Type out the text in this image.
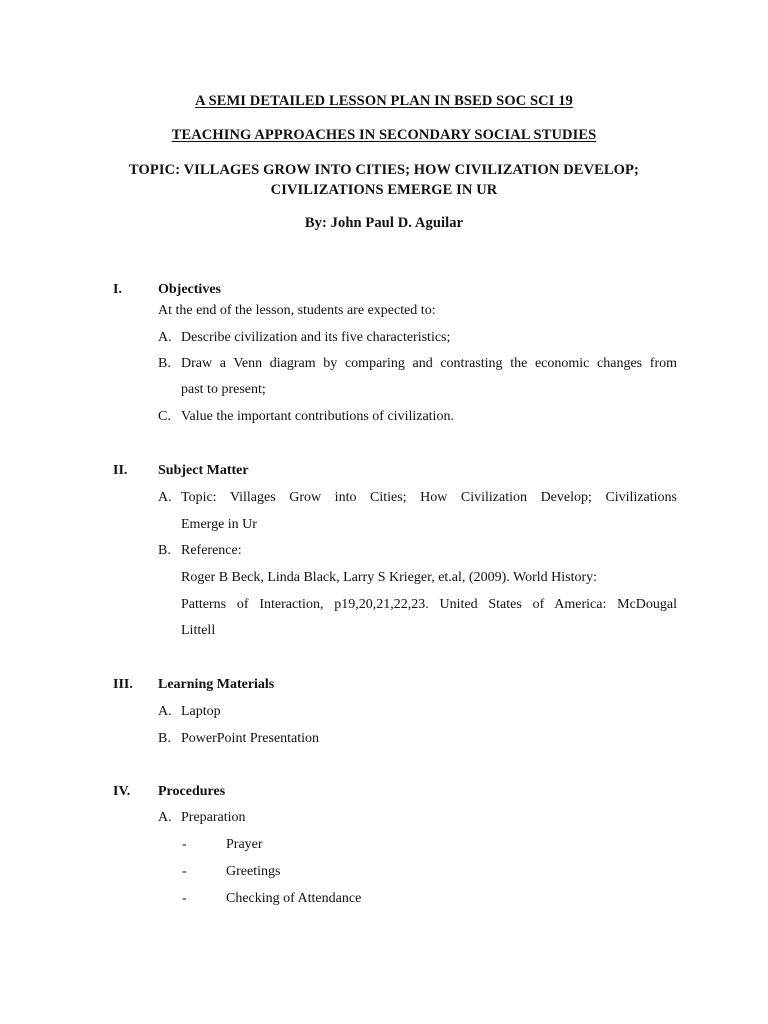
A SEMI DETAILED LESSON PLAN IN BSED SOC SCI 19
TEACHING APPROACHES IN SECONDARY SOCIAL STUDIES
TOPIC: VILLAGES GROW INTO CITIES; HOW CIVILIZATION DEVELOP;
CIVILIZATIONS EMERGE IN UR
By: John Paul D. Aguilar
I.	Objectives
At the end of the lesson, students are expected to:
A. Describe civilization and its five characteristics;
B. Draw a Venn diagram by comparing and contrasting the economic changes from
past to present;
C. Value the important contributions of civilization.
II. Subject Matter
A. Topic: Villages Grow into Cities; How Civilization Develop; Civilizations
Emerge in Ur
B. Reference:
Roger B Beck, Linda Black, Larry S Krieger, et.al, (2009). World History:
Patterns of Interaction, p19,20,21,22,23. United States of America: McDougal
Littell
III. Learning Materials
A. Laptop
B. PowerPoint Presentation
IV. Procedures
A. Preparation
-	Prayer
-	Greetings
-	Checking of Attendance
